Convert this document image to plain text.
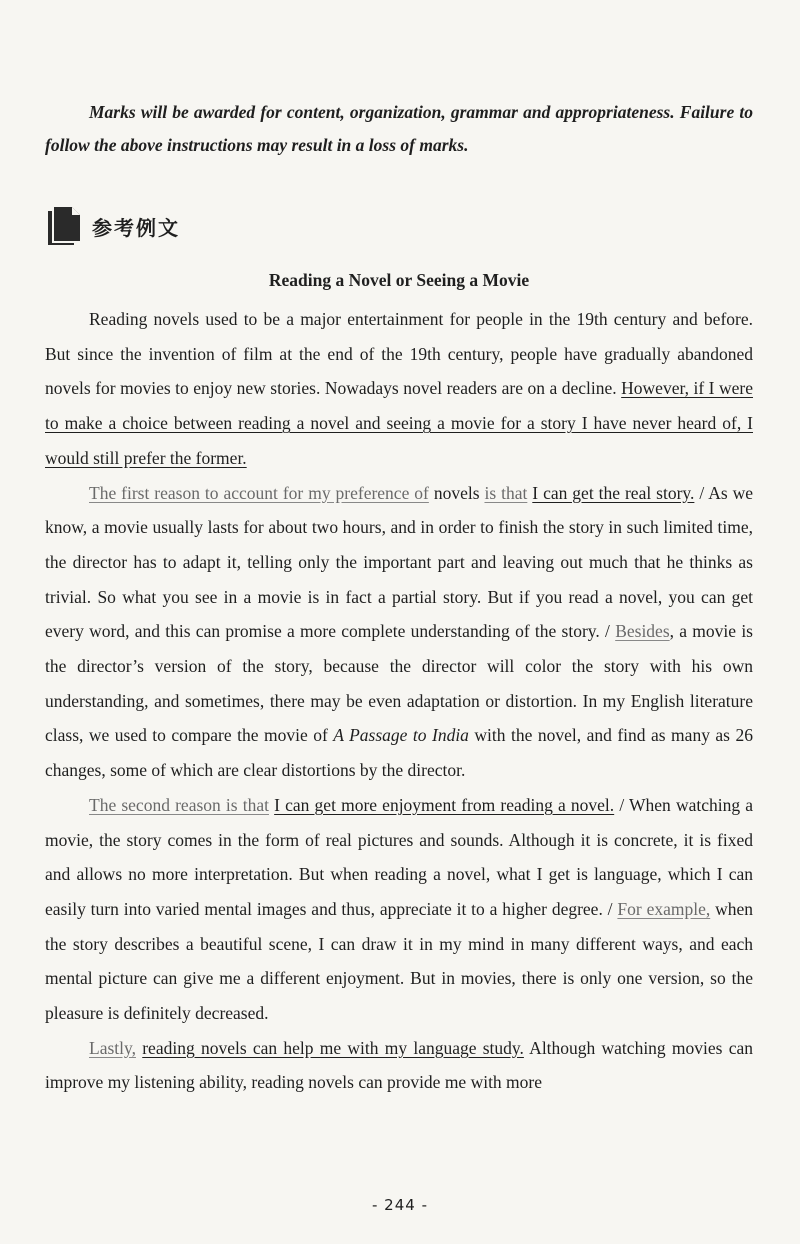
Marks will be awarded for content, organization, grammar and appropriateness. Failure to follow the above instructions may result in a loss of marks.

参考例文
Reading a Novel or Seeing a Movie

Reading novels used to be a major entertainment for people in the 19th century and before. But since the invention of film at the end of the 19th century, people have gradually abandoned novels for movies to enjoy new stories. Nowadays novel readers are on a decline. However, if I were to make a choice between reading a novel and seeing a movie for a story I have never heard of, I would still prefer the former.

The first reason to account for my preference of novels is that I can get the real story. / As we know, a movie usually lasts for about two hours, and in order to finish the story in such limited time, the director has to adapt it, telling only the important part and leaving out much that he thinks as trivial. So what you see in a movie is in fact a partial story. But if you read a novel, you can get every word, and this can promise a more complete understanding of the story. / Besides, a movie is the director’s version of the story, because the director will color the story with his own understanding, and sometimes, there may be even adaptation or distortion. In my English literature class, we used to compare the movie of A Passage to India with the novel, and find as many as 26 changes, some of which are clear distortions by the director.

The second reason is that I can get more enjoyment from reading a novel. / When watching a movie, the story comes in the form of real pictures and sounds. Although it is concrete, it is fixed and allows no more interpretation. But when reading a novel, what I get is language, which I can easily turn into varied mental images and thus, appreciate it to a higher degree. / For example, when the story describes a beautiful scene, I can draw it in my mind in many different ways, and each mental picture can give me a different enjoyment. But in movies, there is only one version, so the pleasure is definitely decreased.

Lastly, reading novels can help me with my language study. Although watching movies can improve my listening ability, reading novels can provide me with more

- 244 -
